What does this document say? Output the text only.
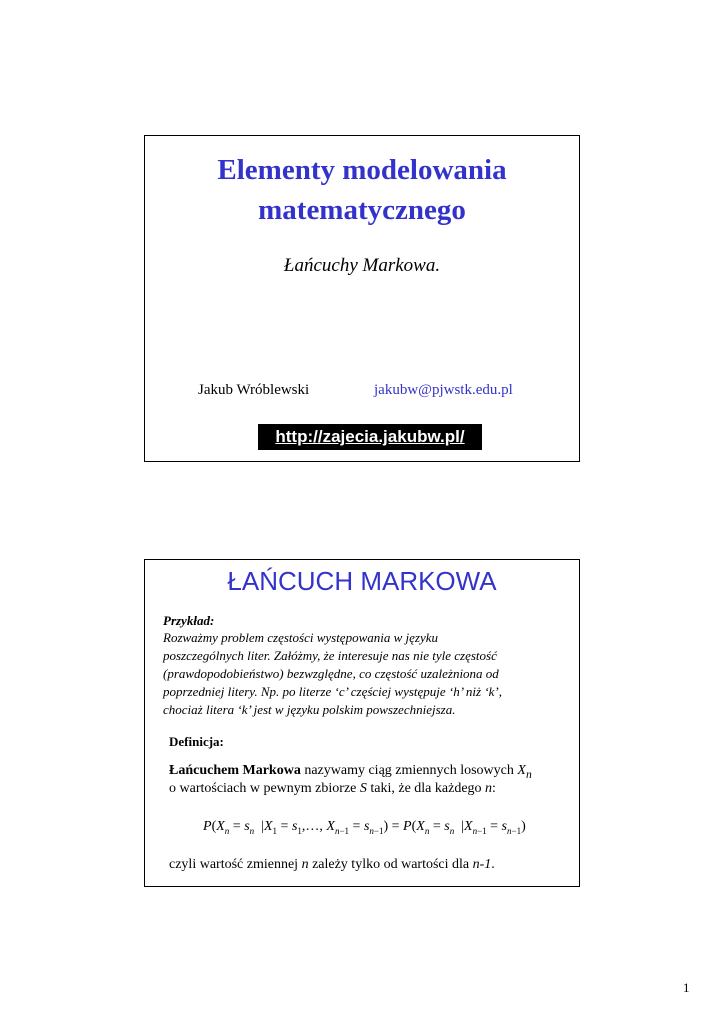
Elementy modelowania
matematycznego
Łańcuchy Markowa.
Jakub Wróblewski	jakubw@pjwstk.edu.pl
http://zajecia.jakubw.pl/
ŁAŃCUCH MARKOWA
Przykład:
Rozważmy problem częstości występowania w języku
poszczególnych liter. Załóżmy, że interesuje nas nie tyle częstość
(prawdopodobieństwo) bezwzględne, co częstość uzależniona od
poprzedniej litery. Np. po literze ‘c’ częściej występuje ‘h’ niż ‘k’,
chociaż litera ‘k’ jest w języku polskim powszechniejsza.
Definicja:
Łańcuchem Markowa nazywamy ciąg zmiennych losowych $X_n$
o wartościach w pewnym zbiorze S taki, że dla każdego n:
$P(X_n = s_n$  $|X_1$ = $s_1,\dots$, $X_{n-1} = s_{n-1}) = P(X_n = s_n$  $|X_{n-1} = s_{n-1}$)
czyli wartość zmiennej n zależy tylko od wartości dla n-1.
1
